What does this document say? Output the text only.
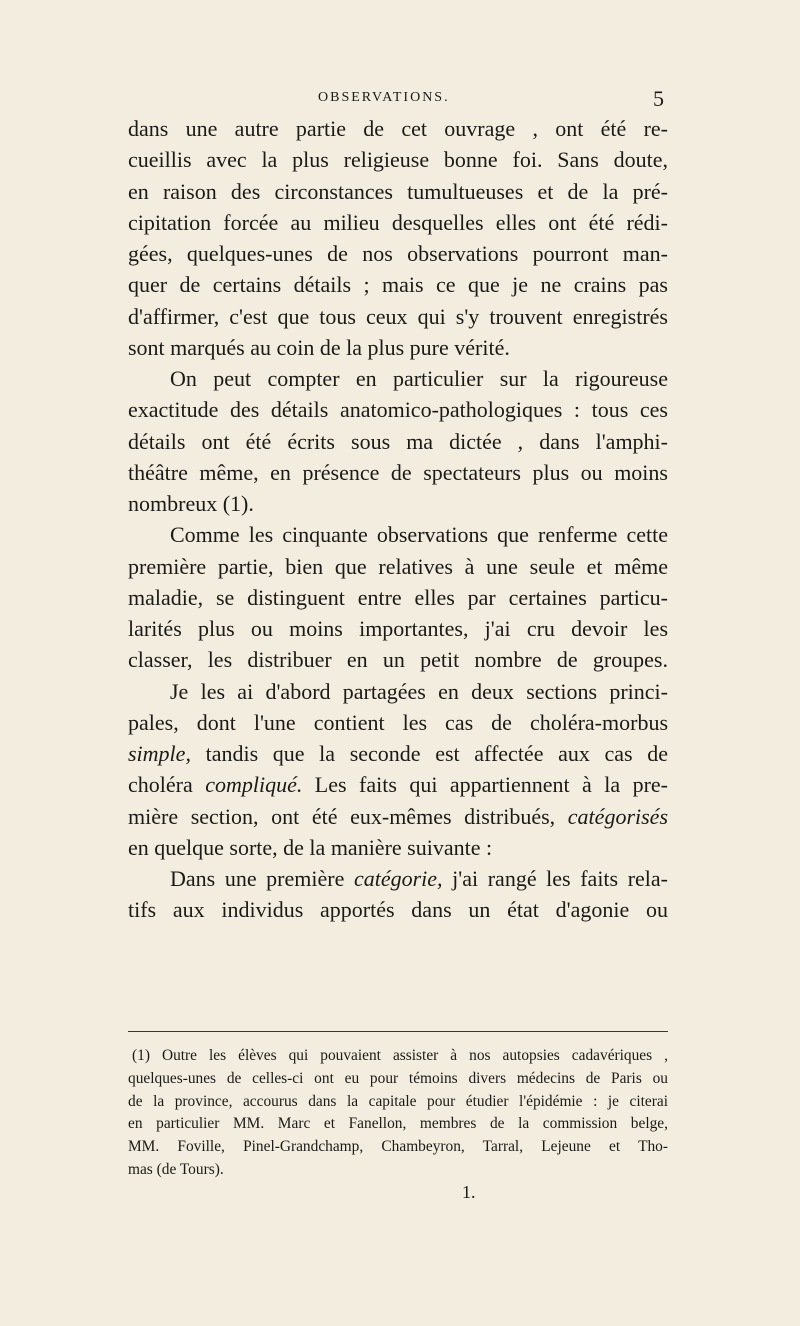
OBSERVATIONS.	5
dans une autre partie de cet ouvrage , ont été re-
cueillis avec la plus religieuse bonne foi. Sans doute,
en raison des circonstances tumultueuses et de la pré-
cipitation forcée au milieu desquelles elles ont été rédi-
gées, quelques-unes de nos observations pourront man-
quer de certains détails ; mais ce que je ne crains pas
d'affirmer, c'est que tous ceux qui s'y trouvent enregistrés
sont marqués au coin de la plus pure vérité.
On peut compter en particulier sur la rigoureuse
exactitude des détails anatomico-pathologiques : tous ces
détails ont été écrits sous ma dictée , dans l'amphi-
théâtre même, en présence de spectateurs plus ou moins
nombreux (1).
Comme les cinquante observations que renferme cette
première partie, bien que relatives à une seule et même
maladie, se distinguent entre elles par certaines particu-
larités plus ou moins importantes, j'ai cru devoir les
classer, les distribuer en un petit nombre de groupes.
Je les ai d'abord partagées en deux sections princi-
pales, dont l'une contient les cas de choléra-morbus
simple, tandis que la seconde est affectée aux cas de
choléra compliqué. Les faits qui appartiennent à la pre-
mière section, ont été eux-mêmes distribués, catégorisés
en quelque sorte, de la manière suivante :
Dans une première catégorie, j'ai rangé les faits rela-
tifs aux individus apportés dans un état d'agonie ou
(1) Outre les élèves qui pouvaient assister à nos autopsies cadavériques ,
quelques-unes de celles-ci ont eu pour témoins divers médecins de Paris ou
de la province, accourus dans la capitale pour étudier l'épidémie : je citerai
en particulier MM. Marc et Fanellon, membres de la commission belge,
MM. Foville, Pinel-Grandchamp, Chambeyron, Tarral, Lejeune et Tho-
mas (de Tours).
1.
